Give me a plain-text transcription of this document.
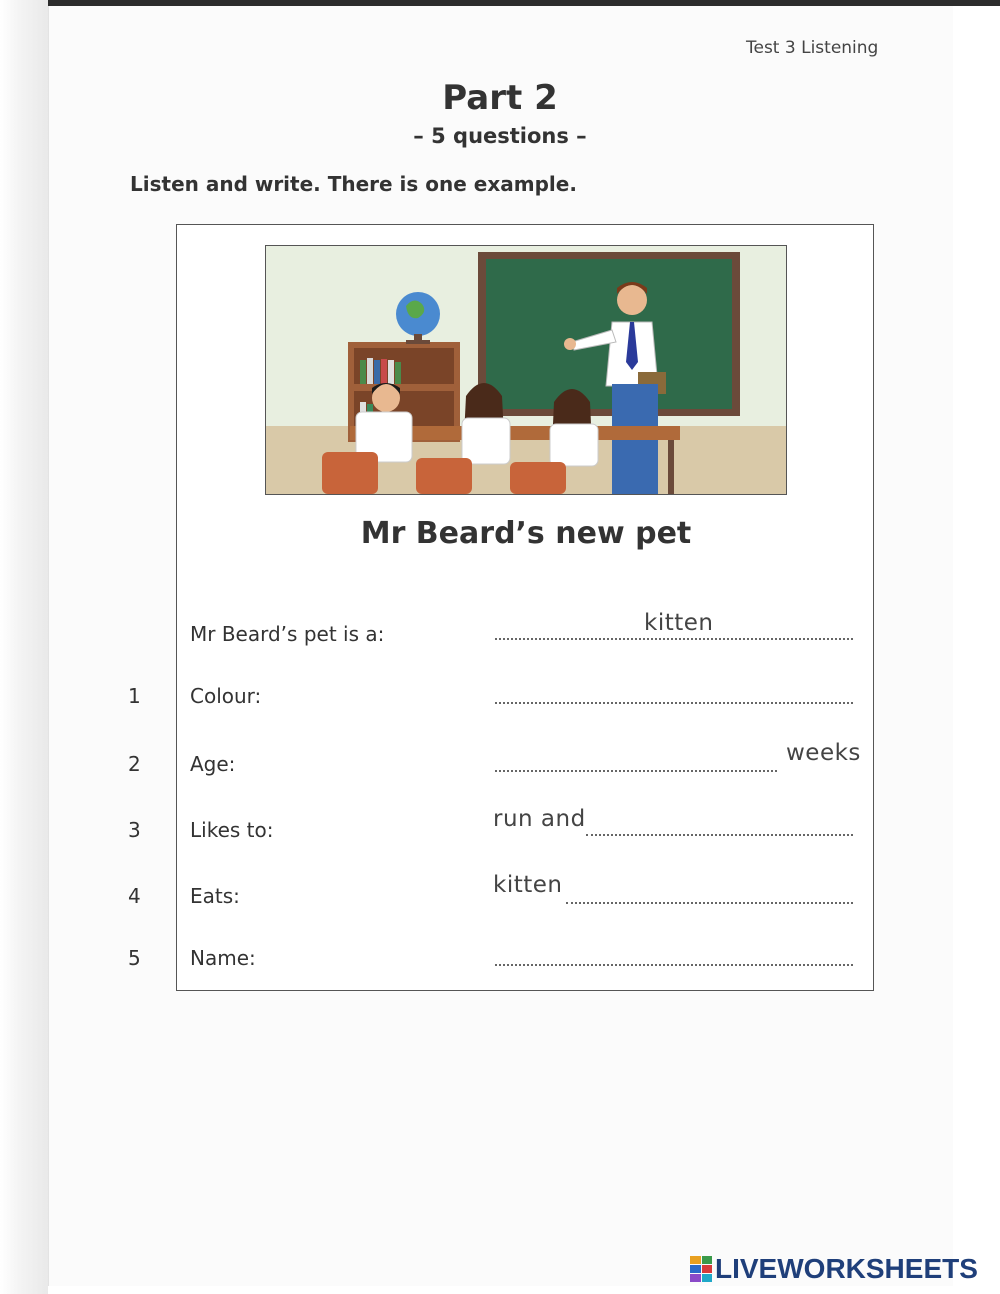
Test 3 Listening
Part 2
– 5 questions –
Listen and write. There is one example.
Mr Beard’s new pet
Mr Beard’s pet is a:	kitten
1	Colour:
2	Age:	weeks
3	Likes to:	run and
4	Eats:	kitten
5	Name:
LIVEWORKSHEETS
